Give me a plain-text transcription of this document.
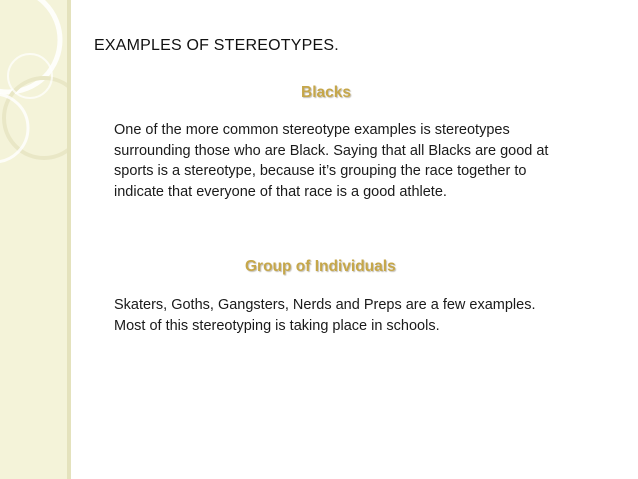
EXAMPLES OF STEREOTYPES.
Blacks
One of the more common stereotype examples is stereotypes surrounding those who are Black. Saying that all Blacks are good at sports is a stereotype, because it’s grouping the race together to indicate that everyone of that race is a good athlete.
Group of Individuals
Skaters, Goths, Gangsters, Nerds and Preps are a few examples. Most of this stereotyping is taking place in schools.
